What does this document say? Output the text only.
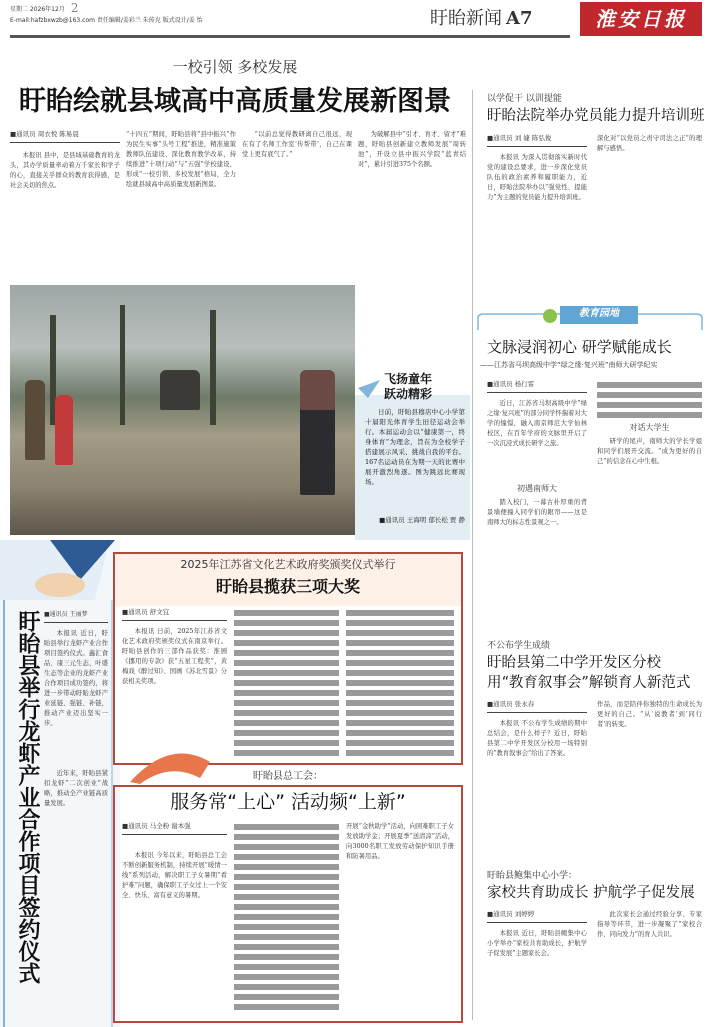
星期二 2026年12月 2
E-mail:hafzbxwzb@163.com 责任编辑/姜彩兰 朱传克 版式设计/姜 怡	盱眙新闻 A7	淮安日报
一校引领 多校发展
盱眙绘就县域高中高质量发展新图景
■通讯员 周衣悦 陈易晨
本报讯 县中，是县域基础教育的龙头，其办学质量牵动着万千家长和学子的心，直接关乎群众的教育获得感，是社会关切的焦点。
“十四五”期间，盱眙县将“县中振兴”作为民生实事“头号工程”推进，精准施策教师队伍建设、深化教育教学改革，持续推进“十项行动”与“五强”学校建设，形成“一校引领、多校发展”格局，全力绘就县域高中高质量发展新图景。
“以前总觉得教研离自己很远，现在有了名师工作室‘传帮带’，自己在课堂上更有底气了。”
为破解县中“引才、育才、留才”难题，盱眙县创新建立教师发展“周转池”，开设立县中振兴学院“蓝青结对”，累计引进375个名额。
日前，盱眙县穆店中心小学第十届阳光体育学生田径运动会举行。本届运动会以“健康第一，终身体育”为理念，旨在为全校学子搭建展示风采、挑战自我的平台。167名运动员在为期一天的比赛中展开激烈角逐。图为跳远比赛现场。
■通讯员 王海明 郁长松 贾 静
飞扬童年
跃动精彩
盱眙县举行龙虾产业合作项目签约仪式 ■通讯员 王丽梦
本报讯 近日，盱眙县举行龙虾产业合作项目签约仪式。鑫汇食品、康三元生态、叶盛生态等企业的龙虾产业合作项目成功签约，将进一步带动盱眙龙虾产业延链、强链、补链，推动产业迈出坚实一步。
近年来，盱眙县紧扣龙虾“二次创业”战略，推动全产业链高质量发展。
2025年江苏省文化艺术政府奖颁奖仪式举行
盱眙县揽获三项大奖
■通讯员 舒文宜
本报讯 日前，2025年江苏省文化艺术政府奖颁奖仪式在南京举行。盱眙县创作的三部作品获奖：淮剧《挪用的专款》获“五星工程奖”，黄梅戏《醉过知》、国画《苏北雪景》分获相关奖项。
盱眙县总工会：
服务常“上心” 活动频“上新”
■通讯员 马全粉 谢本强
本报讯 今年以来，盱眙县总工会不断创新服务机制，持续开展“暖情一线”系列活动，解决职工子女暑期“看护难”问题，确保职工子女过上一个安全、快乐、富有意义的暑期。
开展“金秋助学”活动，向困难职工子女发放助学金；开展夏季“送清凉”活动，向3000名职工发放劳动保护知识手册和防暑用品。
以学促干 以训提能
盱眙法院举办党员能力提升培训班
■通讯员 刘 婕 陈弘俊
本报讯 为深入贯彻落实新时代党的建设总要求，进一步深化党员队伍的政治素养和履职能力，近日，盱眙法院举办以“强党性、提能力”为主题的党员能力提升培训班。
深化对“以党员之责守司法之正”的理解与感悟。
教育园地
文脉浸润初心 研学赋能成长
——江苏省马坝高级中学“绿之缘·复兴班”南师大研学纪实
■通讯员 杨行雷
近日，江苏省马坝高级中学“绿之缘·复兴班”的部分同学怀揣着对大学的憧憬，融入南京师范大学仙林校区，在百年学府的文脉里开启了一次沉浸式成长研学之旅。
初遇南师大
踏入校门，一幕古朴厚重的背景墙便撞入同学们的眼帘——这是南师大的标志性景观之一。
对话大学生
研学的尾声，南师大的学长学姐和同学们展开交流。“成为更好的自己”的信念在心中生根。
不公布学生成绩
盱眙县第二中学开发区分校
用“教育叙事会”解锁育人新范式
■通讯员 张永春
本报讯 不公布学生成绩的期中总结会，是什么样子？近日，盱眙县第二中学开发区分校用一场特别的“教育叙事会”给出了答案。
作品，而是陪伴你独特的生命成长为更好的自己。“从‘说教者’到‘同行者’的转变。
盱眙县鲍集中心小学：
家校共育助成长 护航学子促发展
■通讯员 刘婷婷
本报讯 近日，盱眙县鲍集中心小学举办“家校共育助成长，护航学子促发展”主题家长会。
此次家长会通过经验分享、专家指导等环节，进一步凝聚了“家校合作、同向发力”的育人共识。
